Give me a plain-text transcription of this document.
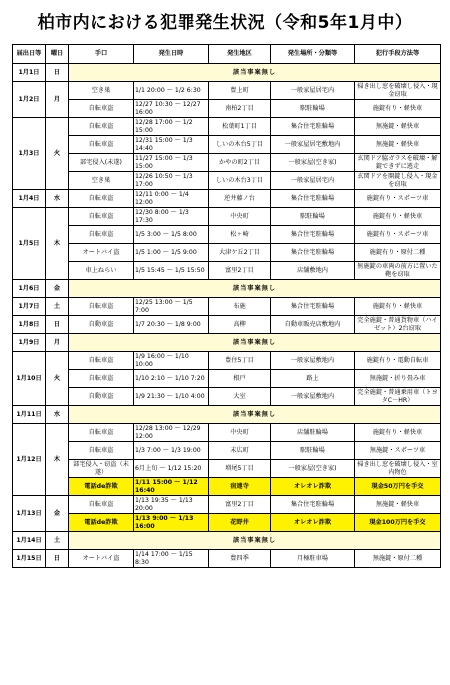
柏市内における犯罪発生状況（令和5年1月中）
届出日等	曜日	手口	発生日時	発生地区	発生場所・分類等	犯行手段方法等
1月1日	日	該当事案無し				
1月2日	月	空き巣	1/1 20:00 ～ 1/2 6:30	豊上町	一般家屋居宅内	掃き出し窓を破壊し侵入・現金窃取
		自転車盗	12/27 10:30 ～ 12/27 16:00	南柏2丁目	駅駐輪場	施錠有り・軽快車
1月3日	火	自転車盗	12/28 17:00 ～ 1/2 15:00	松葉町1丁目	集合住宅駐輪場	無施錠・軽快車
		自転車盗	12/31 15:00 ～ 1/3 14:40	しいの木台5丁目	一般家屋居宅敷地内	無施錠・軽快車
		部宅侵入(未遂)	11/27 15:00 ～ 1/3 15:00	かやの町2丁目	一般家屋(空き家)	玄関ドア脇ガラスを破壊・解錠できずに逃走
		空き巣	12/26 10:50 ～ 1/3 17:00	しいの木台3丁目	一般家屋居宅内	玄関ドアを開錠し侵入・現金を窃取
1月4日	水	自転車盗	12/11 0:00 ～ 1/4 12:00	逆井藤ノ台	集合住宅駐輪場	施錠有り・スポーツ車
1月5日	木	自転車盗	12/30 8:00 ～ 1/3 17:30	中央町	駅駐輪場	施錠有り・軽快車
		自転車盗	1/5 3:00 ～ 1/5 8:00	松ヶ崎	集合住宅駐輪場	施錠有り・スポーツ車
		オートバイ盗	1/5 1:00 ～ 1/5 9:00	大津ケ丘2丁目	集合住宅駐輪場	施錠有り・原付二種
		車上ねらい	1/5 15:45 ～ 1/5 15:50	富里2丁目	店舗敷地内	無施錠の車両の前方に置いた鞄を窃取
1月6日	金	該当事案無し				
1月7日	土	自転車盗	12/25 13:00 ～ 1/5 7:00	布施	集合住宅駐輪場	施錠有り・軽快車
1月8日	日	自動車盗	1/7 20:30 ～ 1/8 9:00	高柳	自動車販売店敷地内	完全施錠・普通貨物車（ハイゼット）2台窃取
1月9日	月	該当事案無し				
1月10日	火	自転車盗	1/9 16:00 ～ 1/10 10:00	豊住5丁目	一般家屋敷地内	施錠有り・電動自転車
		自転車盗	1/10 2:10 ～ 1/10 7:20	根戸	路上	無施錠・折り畳み車
		自動車盗	1/9 21:30 ～ 1/10 4:00	大室	一般家屋敷地内	完全施錠・普通乗用車（トヨタC－HR）
1月11日	水	該当事案無し				
1月12日	木	自転車盗	12/28 13:00 ～ 12/29 12:00	中央町	店舗駐輪場	施錠有り・軽快車
		自転車盗	1/3 7:00 ～ 1/3 19:00	末広町	駅駐輪場	無施錠・スポーツ車
		部宅侵入・窃盗（未遂）	6月上旬 ～ 1/12 15:20	増尾5丁目	一般家屋(空き家)	掃き出し窓を破壊し侵入・室内物色
		電話de詐欺	1/11 15:00 ～ 1/12 16:40	宿連寺	オレオレ詐欺	現金50万円を手交
1月13日	金	自転車盗	1/13 19:35 ～ 1/13 20:00	富里2丁目	集合住宅駐輪場	無施錠・軽快車
		電話de詐欺	1/13 9:00 ～ 1/13 16:00	花野井	オレオレ詐欺	現金100万円を手交
1月14日	土	該当事案無し				
1月15日	日	オートバイ盗	1/14 17:00 ～ 1/15 8:30	豊四季	月極駐車場	無施錠・原付二種
